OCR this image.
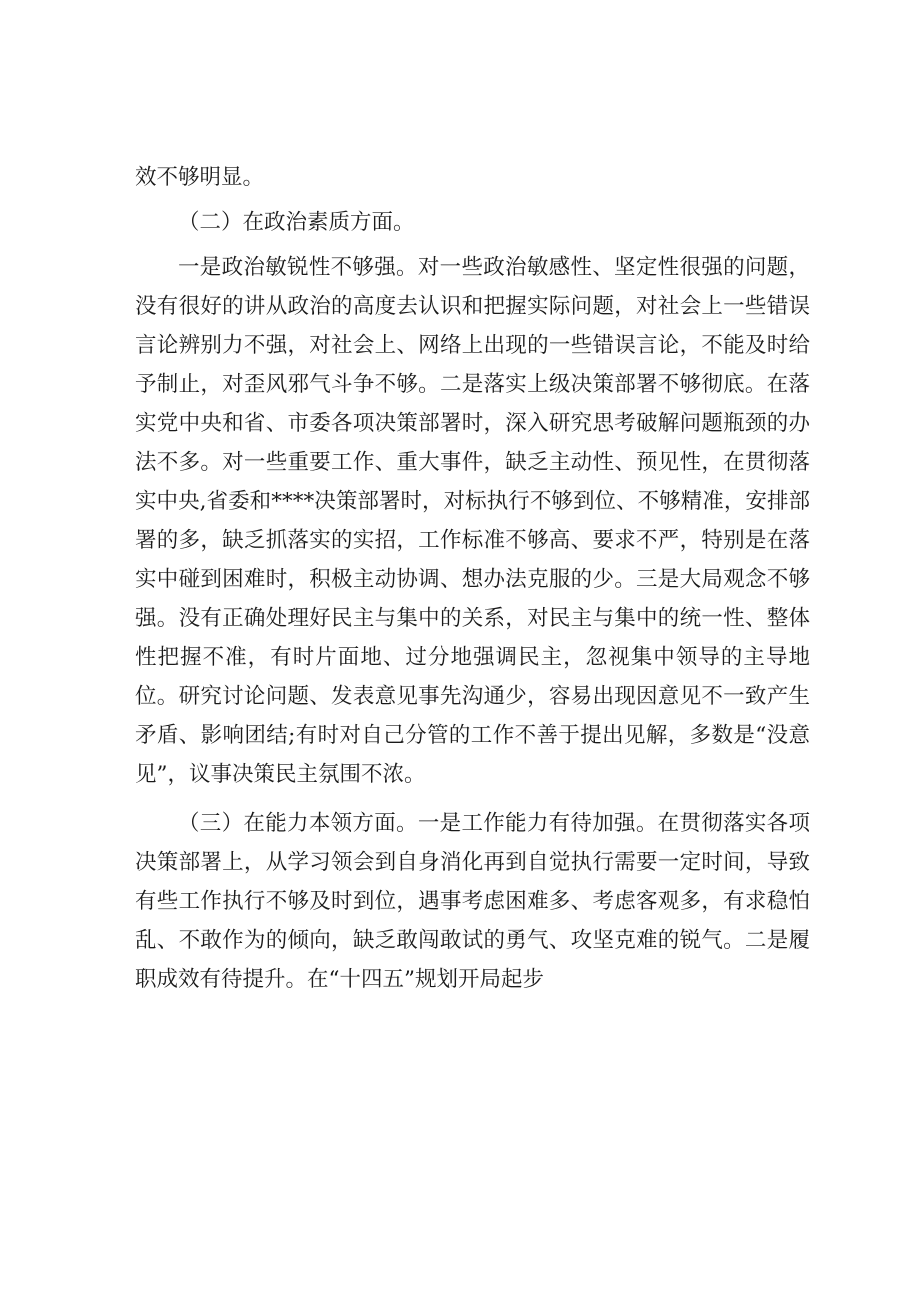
效不够明显。

（二）在政治素质方面。

一是政治敏锐性不够强。对一些政治敏感性、坚定性很强的问题，没有很好的讲从政治的高度去认识和把握实际问题，对社会上一些错误言论辨别力不强，对社会上、网络上出现的一些错误言论，不能及时给予制止，对歪风邪气斗争不够。二是落实上级决策部署不够彻底。在落实党中央和省、市委各项决策部署时，深入研究思考破解问题瓶颈的办法不多。对一些重要工作、重大事件，缺乏主动性、预见性，在贯彻落实中央,省委和****决策部署时，对标执行不够到位、不够精准，安排部署的多，缺乏抓落实的实招，工作标准不够高、要求不严，特别是在落实中碰到困难时，积极主动协调、想办法克服的少。三是大局观念不够强。没有正确处理好民主与集中的关系，对民主与集中的统一性、整体性把握不准，有时片面地、过分地强调民主，忽视集中领导的主导地位。研究讨论问题、发表意见事先沟通少，容易出现因意见不一致产生矛盾、影响团结;有时对自己分管的工作不善于提出见解，多数是“没意见”，议事决策民主氛围不浓。

（三）在能力本领方面。一是工作能力有待加强。在贯彻落实各项决策部署上，从学习领会到自身消化再到自觉执行需要一定时间，导致有些工作执行不够及时到位，遇事考虑困难多、考虑客观多，有求稳怕乱、不敢作为的倾向，缺乏敢闯敢试的勇气、攻坚克难的锐气。二是履职成效有待提升。在“十四五”规划开局起步
